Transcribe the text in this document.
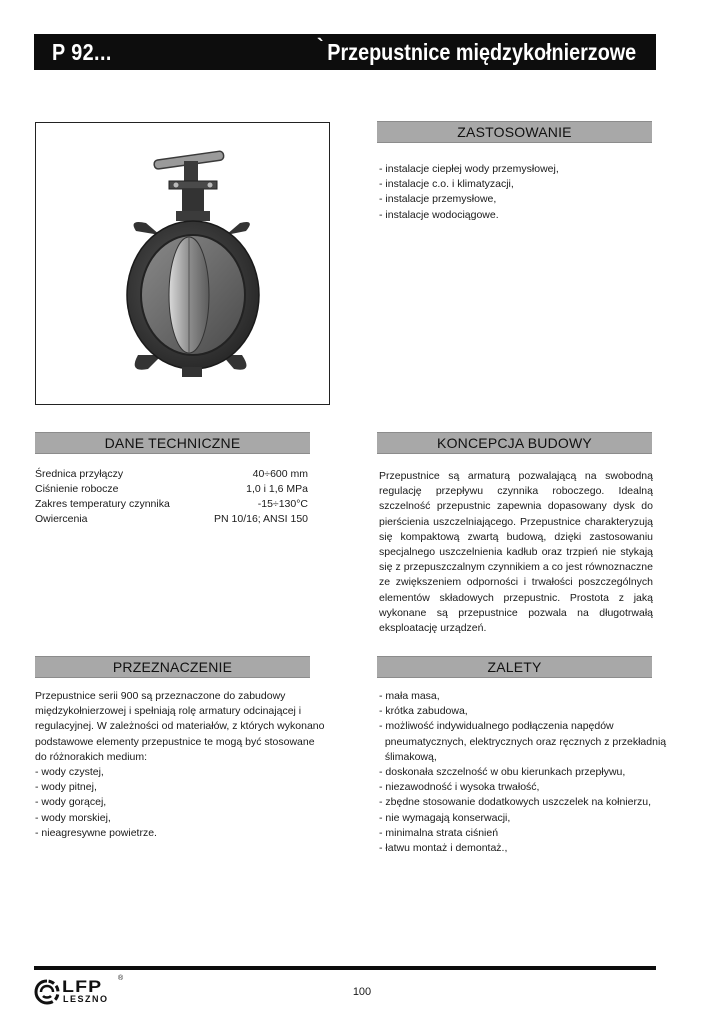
P 92...	` Przepustnice międzykołnierzowe
ZASTOSOWANIE
- instalacje ciepłej wody przemysłowej,
- instalacje c.o. i klimatyzacji,
- instalacje przemysłowe,
- instalacje wodociągowe.
DANE TECHNICZNE
Średnica przyłączy	40÷600 mm
Ciśnienie robocze	1,0 i 1,6 MPa
Zakres temperatury czynnika	-15÷130°C
Owiercenia	PN 10/16; ANSI 150
KONCEPCJA BUDOWY
Przepustnice są armaturą pozwalającą na swobodną regulację przepływu czynnika roboczego. Idealną szczelność przepustnic zapewnia dopasowany dysk do pierścienia uszczelniającego. Przepustnice charakteryzują się kompaktową zwartą budową, dzięki zastosowaniu specjalnego uszczelnienia kadłub oraz trzpień nie stykają się z przepuszczalnym czynnikiem a co jest równoznaczne ze zwiększeniem odporności i trwałości poszczególnych elementów składowych przepustnic. Prostota z jaką wykonane są przepustnice pozwala na długotrwałą eksploatację urządzeń.
PRZEZNACZENIE
Przepustnice serii 900 są przeznaczone do zabudowy
międzykołnierzowej i spełniają rolę armatury odcinającej i
regulacyjnej. W zależności od materiałów, z których wykonano
podstawowe elementy przepustnice te mogą być stosowane
do różnorakich medium:
- wody czystej,
- wody pitnej,
- wody gorącej,
- wody morskiej,
- nieagresywne powietrze.
ZALETY
- mała masa,
- krótka zabudowa,
- możliwość indywidualnego podłączenia napędów
pneumatycznych, elektrycznych oraz ręcznych z przekładnią
ślimakową,
- doskonała szczelność w obu kierunkach przepływu,
- niezawodność i wysoka trwałość,
- zbędne stosowanie dodatkowych uszczelek na kołnierzu,
- nie wymagają konserwacji,
- minimalna strata ciśnień
- łatwu montaż i demontaż.,
LFP ®
LESZNO
100
